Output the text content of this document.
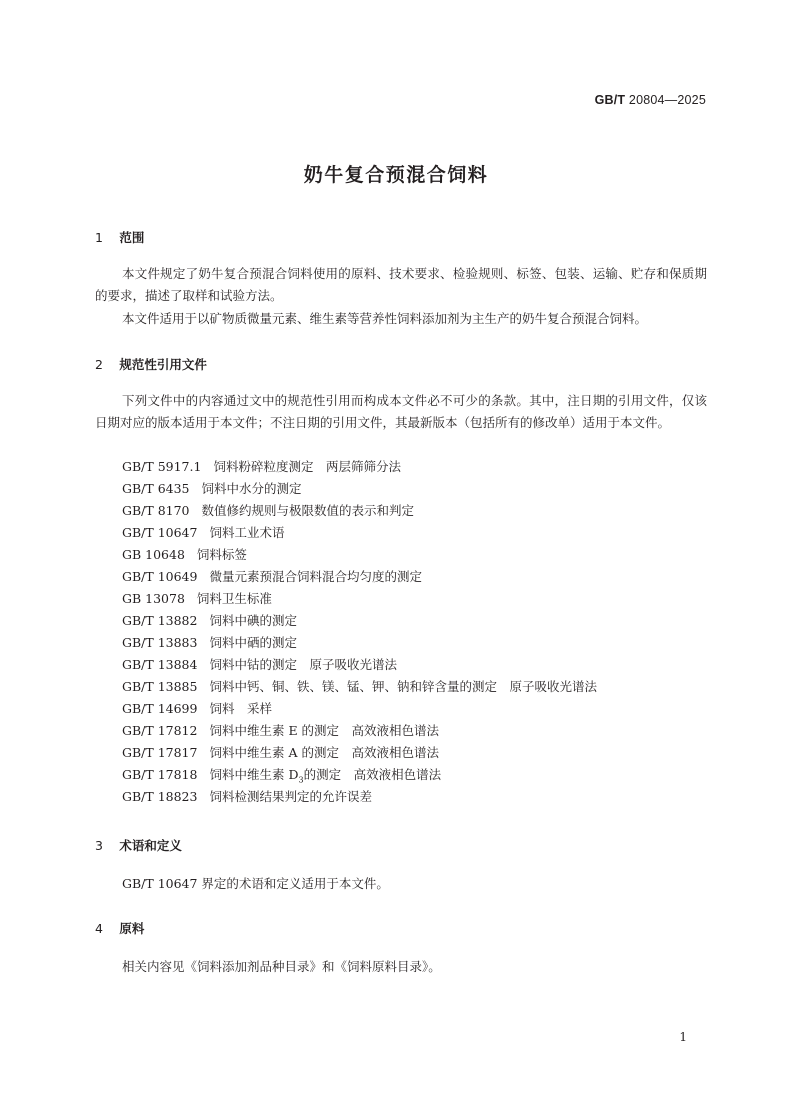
GB/T 20804—2025
奶牛复合预混合饲料
1 范围
本文件规定了奶牛复合预混合饲料使用的原料、技术要求、检验规则、标签、包装、运输、贮存和保质期的要求，描述了取样和试验方法。
本文件适用于以矿物质微量元素、维生素等营养性饲料添加剂为主生产的奶牛复合预混合饲料。
2 规范性引用文件
下列文件中的内容通过文中的规范性引用而构成本文件必不可少的条款。其中，注日期的引用文件，仅该日期对应的版本适用于本文件；不注日期的引用文件，其最新版本（包括所有的修改单）适用于本文件。
GB/T 5917.1 饲料粉碎粒度测定　两层筛筛分法
GB/T 6435 饲料中水分的测定
GB/T 8170 数值修约规则与极限数值的表示和判定
GB/T 10647 饲料工业术语
GB 10648 饲料标签
GB/T 10649 微量元素预混合饲料混合均匀度的测定
GB 13078 饲料卫生标准
GB/T 13882 饲料中碘的测定
GB/T 13883 饲料中硒的测定
GB/T 13884 饲料中钴的测定　原子吸收光谱法
GB/T 13885 饲料中钙、铜、铁、镁、锰、钾、钠和锌含量的测定　原子吸收光谱法
GB/T 14699 饲料　采样
GB/T 17812 饲料中维生素 E 的测定　高效液相色谱法
GB/T 17817 饲料中维生素 A 的测定　高效液相色谱法
GB/T 17818 饲料中维生素 $D_3$的测定　高效液相色谱法
GB/T 18823 饲料检测结果判定的允许误差
3 术语和定义
GB/T 10647 界定的术语和定义适用于本文件。
4 原料
相关内容见《饲料添加剂品种目录》和《饲料原料目录》。
1
